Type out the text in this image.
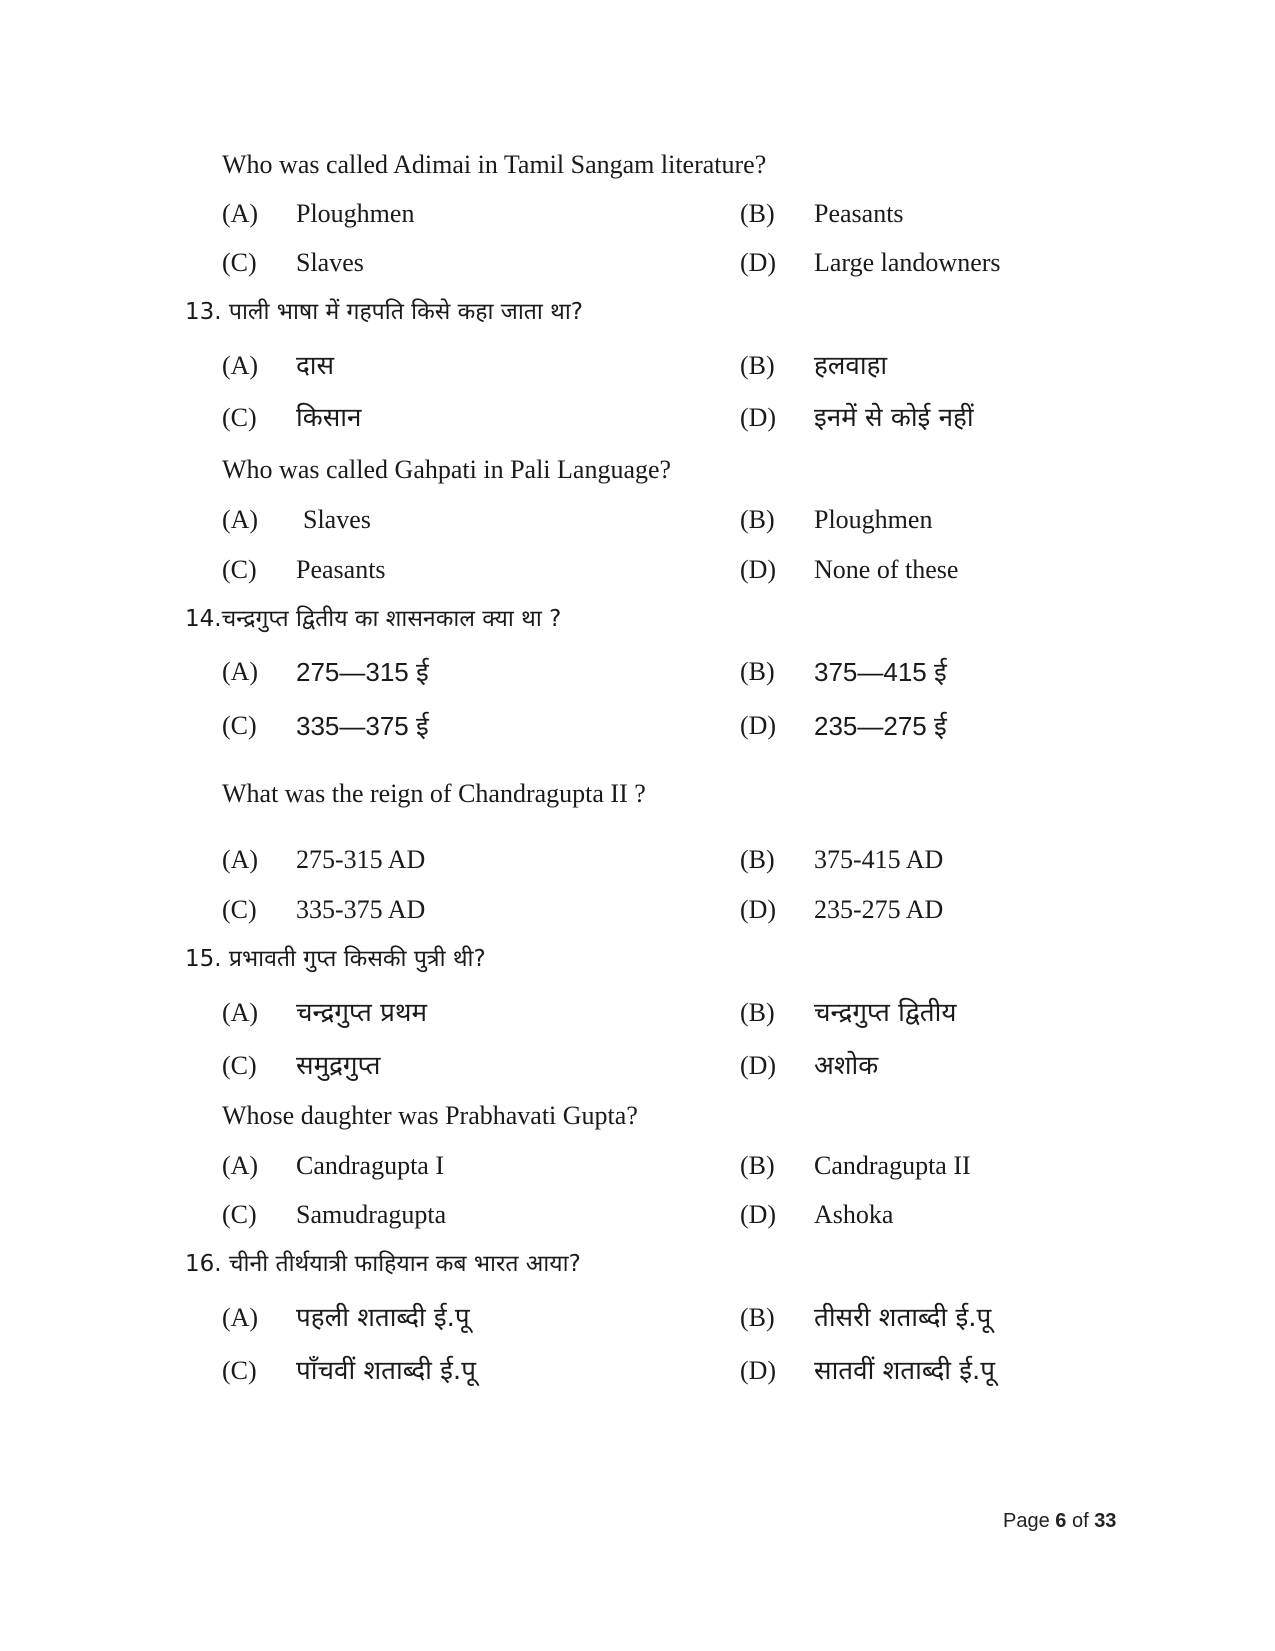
Who was called Adimai in Tamil Sangam literature?
(A) Ploughmen	(B) Peasants
(C) Slaves	(D) Large landowners
13. पाली भाषा में गहपति किसे कहा जाता था?
(A) दास	(B) हलवाहा
(C) किसान	(D) इनमें से कोई नहीं
Who was called Gahpati in Pali Language?
(A) Slaves	(B) Ploughmen
(C) Peasants	(D) None of these
14.चन्द्रगुप्त द्वितीय का शासनकाल क्या था ?
(A) 275—315 ई	(B) 375—415 ई
(C) 335—375 ई	(D) 235—275 ई
What was the reign of Chandragupta II ?
(A) 275-315 AD	(B) 375-415 AD
(C) 335-375 AD	(D) 235-275 AD
15. प्रभावती गुप्त किसकी पुत्री थी?
(A) चन्द्रगुप्त प्रथम	(B) चन्द्रगुप्त द्वितीय
(C) समुद्रगुप्त	(D) अशोक
Whose daughter was Prabhavati Gupta?
(A) Candragupta I	(B) Candragupta II
(C) Samudragupta	(D) Ashoka
16. चीनी तीर्थयात्री फाहियान कब भारत आया?
(A) पहली शताब्दी ई.पू	(B) तीसरी शताब्दी ई.पू
(C) पाँचवीं शताब्दी ई.पू	(D) सातवीं शताब्दी ई.पू
Page 6 of 33
